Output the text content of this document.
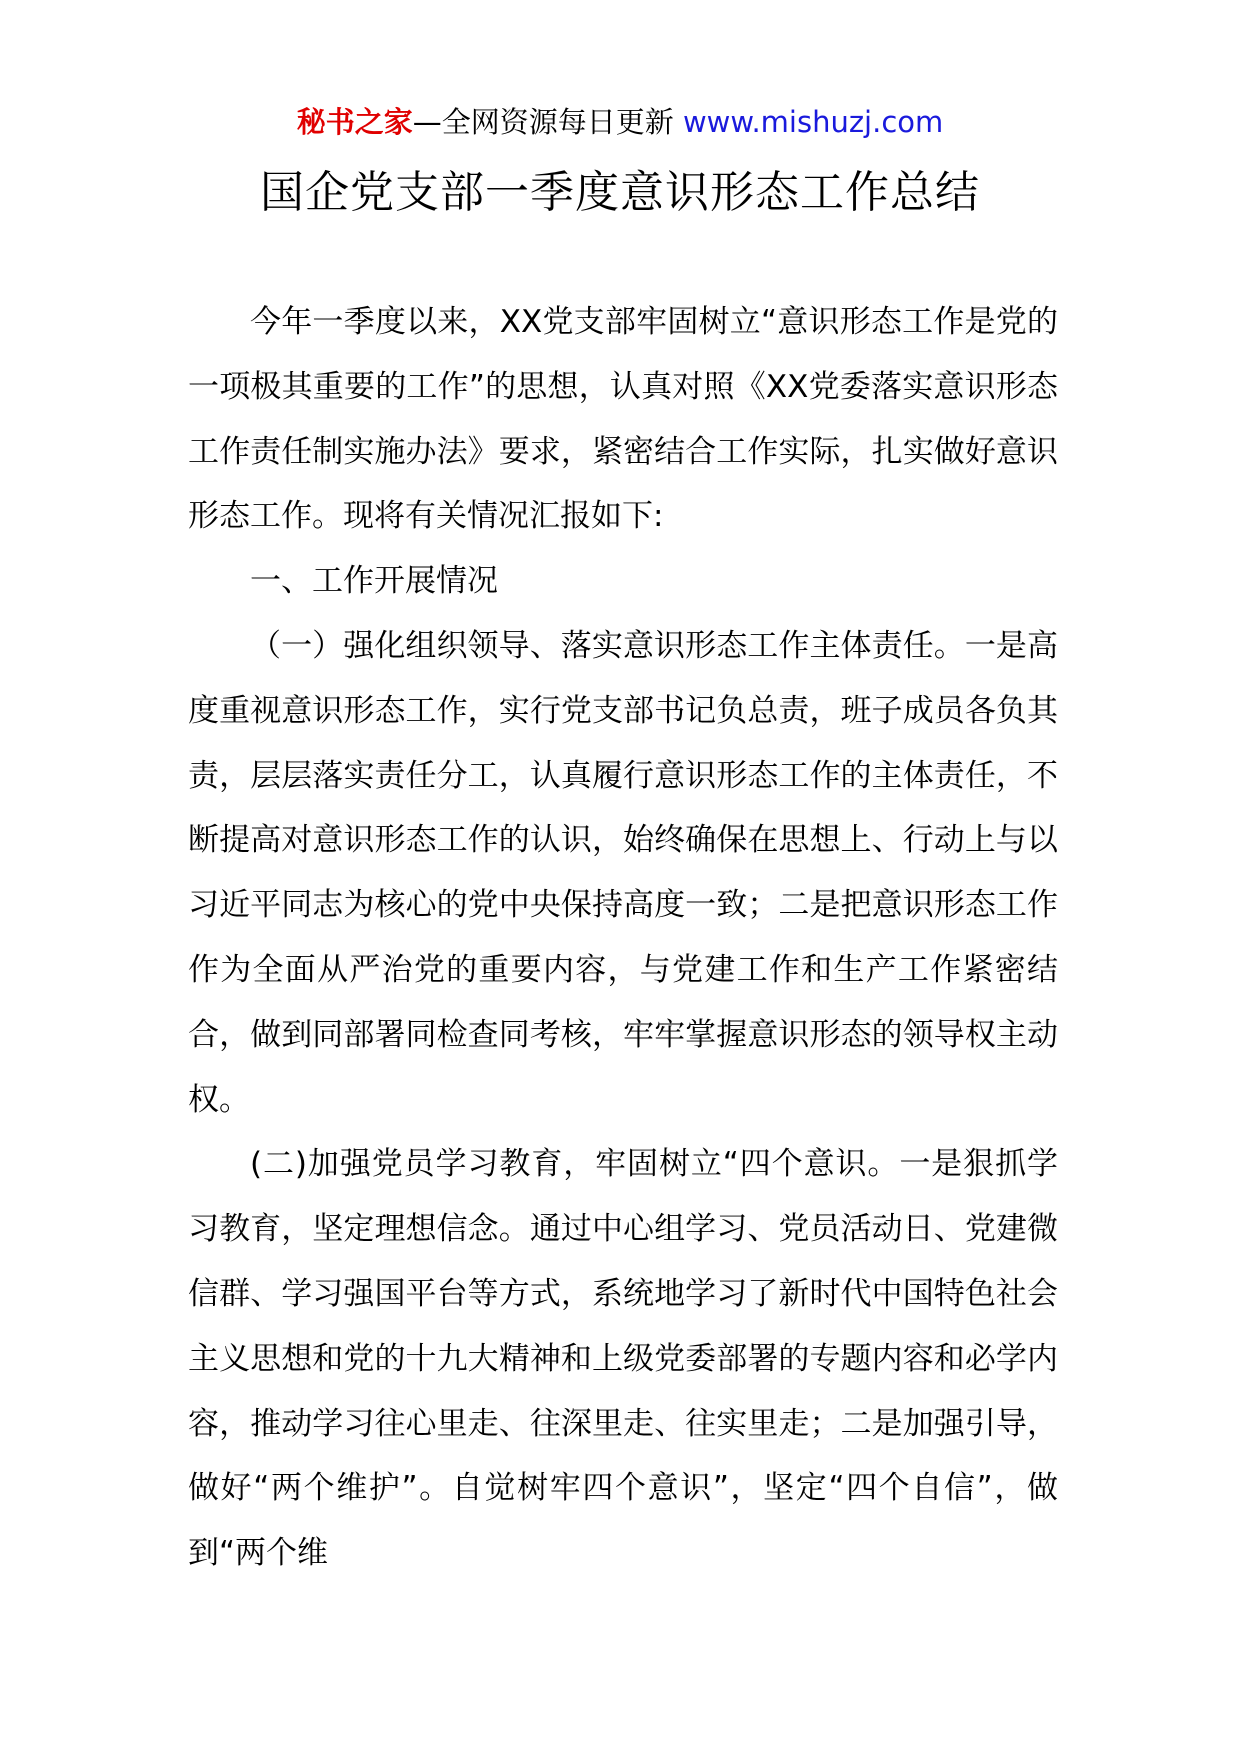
秘书之家—全网资源每日更新 www.mishuzj.com
国企党支部一季度意识形态工作总结

今年一季度以来，XX党支部牢固树立“意识形态工作是党的一项极其重要的工作”的思想，认真对照《XX党委落实意识形态工作责任制实施办法》要求，紧密结合工作实际，扎实做好意识形态工作。现将有关情况汇报如下:

一、工作开展情况

（一）强化组织领导、落实意识形态工作主体责任。一是高度重视意识形态工作，实行党支部书记负总责，班子成员各负其责，层层落实责任分工，认真履行意识形态工作的主体责任，不断提高对意识形态工作的认识，始终确保在思想上、行动上与以习近平同志为核心的党中央保持高度一致；二是把意识形态工作作为全面从严治党的重要内容，与党建工作和生产工作紧密结合，做到同部署同检查同考核，牢牢掌握意识形态的领导权主动权。

(二)加强党员学习教育，牢固树立“四个意识。一是狠抓学习教育，坚定理想信念。通过中心组学习、党员活动日、党建微信群、学习强国平台等方式，系统地学习了新时代中国特色社会主义思想和党的十九大精神和上级党委部署的专题内容和必学内容，推动学习往心里走、往深里走、往实里走；二是加强引导，做好“两个维护”。自觉树牢四个意识”，坚定“四个自信”，做到“两个维
